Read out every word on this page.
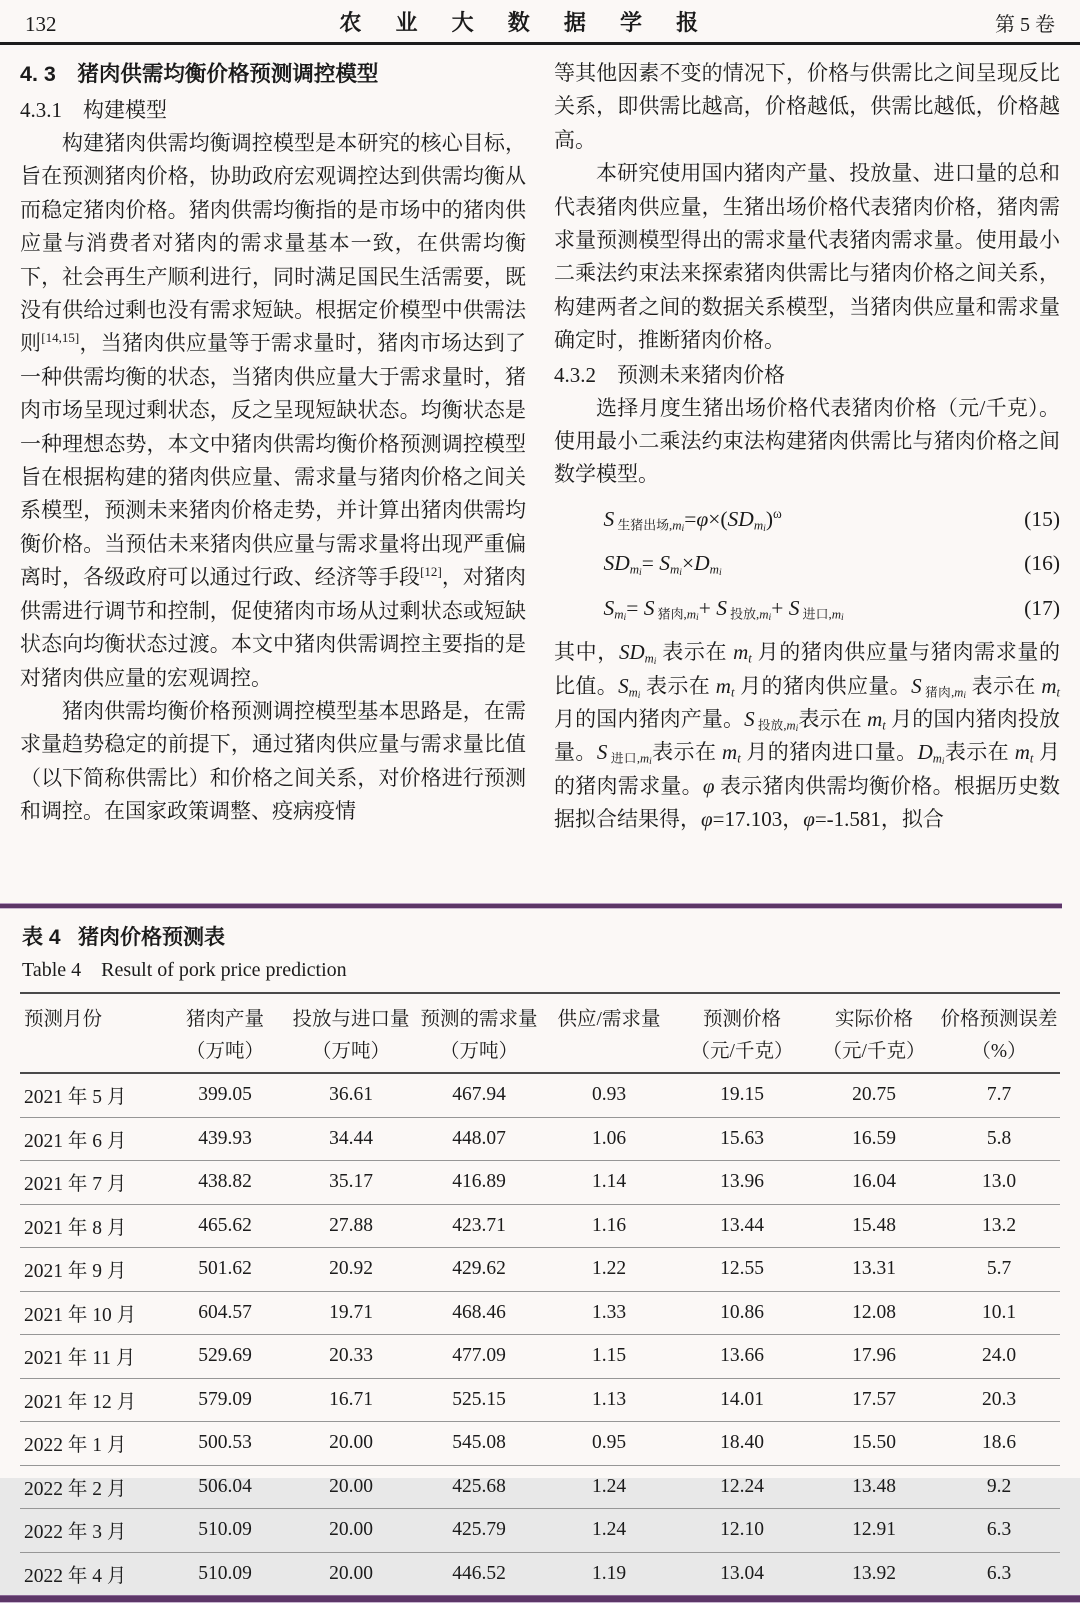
132	农 业 大 数 据 学 报	第 5 卷
4. 3　猪肉供需均衡价格预测调控模型
4.3.1　构建模型

构建猪肉供需均衡调控模型是本研究的核心目标，旨在预测猪肉价格，协助政府宏观调控达到供需均衡从而稳定猪肉价格。猪肉供需均衡指的是市场中的猪肉供应量与消费者对猪肉的需求量基本一致，在供需均衡下，社会再生产顺利进行，同时满足国民生活需要，既没有供给过剩也没有需求短缺。根据定价模型中供需法则[14,15]，当猪肉供应量等于需求量时，猪肉市场达到了一种供需均衡的状态，当猪肉供应量大于需求量时，猪肉市场呈现过剩状态，反之呈现短缺状态。均衡状态是一种理想态势，本文中猪肉供需均衡价格预测调控模型旨在根据构建的猪肉供应量、需求量与猪肉价格之间关系模型，预测未来猪肉价格走势，并计算出猪肉供需均衡价格。当预估未来猪肉供应量与需求量将出现严重偏离时，各级政府可以通过行政、经济等手段[12]，对猪肉供需进行调节和控制，促使猪肉市场从过剩状态或短缺状态向均衡状态过渡。本文中猪肉供需调控主要指的是对猪肉供应量的宏观调控。

猪肉供需均衡价格预测调控模型基本思路是，在需求量趋势稳定的前提下，通过猪肉供应量与需求量比值（以下简称供需比）和价格之间关系，对价格进行预测和调控。在国家政策调整、疫病疫情

等其他因素不变的情况下，价格与供需比之间呈现反比关系，即供需比越高，价格越低，供需比越低，价格越高。

本研究使用国内猪肉产量、投放量、进口量的总和代表猪肉供应量，生猪出场价格代表猪肉价格，猪肉需求量预测模型得出的需求量代表猪肉需求量。使用最小二乘法约束法来探索猪肉供需比与猪肉价格之间关系，构建两者之间的数据关系模型，当猪肉供应量和需求量确定时，推断猪肉价格。

4.3.2　预测未来猪肉价格

选择月度生猪出场价格代表猪肉价格（元/千克）。使用最小二乘法约束法构建猪肉供需比与猪肉价格之间数学模型。

S 生猪出场$,m_i=\varphi\times(SDm_i)^\omega$	(15)
$SDm_i= Sm_i\times Dm_i$	(16)
$Sm_i= S$ 猪肉$,m_i+ S$ 投放$,m_i+ S$ 进口$,m_i$	(17)

其中，SDm$_i$ 表示在 mt 月的猪肉供应量与猪肉需求量的比值。$Sm_i$ 表示在 mt 月的猪肉供应量。S 猪肉$,m_i$ 表示在 mt 月的国内猪肉产量。S 投放$,m_i$表示在 mt 月的国内猪肉投放量。S 进口$,m_i$表示在 mt 月的猪肉进口量。$Dm_i$表示在 mt 月的猪肉需求量。φ 表示猪肉供需均衡价格。根据历史数据拟合结果得，φ=17.103，φ=-1.581，拟合

表 4   猪肉价格预测表
Table 4    Result of pork price prediction
预测月份	猪肉产量	投放与进口量	预测的需求量	供应/需求量	预测价格	实际价格	价格预测误差
	（万吨）	（万吨）	（万吨）		（元/千克）	（元/千克）	（%）
2021 年 5 月	399.05	36.61	467.94	0.93	19.15	20.75	7.7
2021 年 6 月	439.93	34.44	448.07	1.06	15.63	16.59	5.8
2021 年 7 月	438.82	35.17	416.89	1.14	13.96	16.04	13.0
2021 年 8 月	465.62	27.88	423.71	1.16	13.44	15.48	13.2
2021 年 9 月	501.62	20.92	429.62	1.22	12.55	13.31	5.7
2021 年 10 月	604.57	19.71	468.46	1.33	10.86	12.08	10.1
2021 年 11 月	529.69	20.33	477.09	1.15	13.66	17.96	24.0
2021 年 12 月	579.09	16.71	525.15	1.13	14.01	17.57	20.3
2022 年 1 月	500.53	20.00	545.08	0.95	18.40	15.50	18.6
2022 年 2 月	506.04	20.00	425.68	1.24	12.24	13.48	9.2
2022 年 3 月	510.09	20.00	425.79	1.24	12.10	12.91	6.3
2022 年 4 月	510.09	20.00	446.52	1.19	13.04	13.92	6.3
